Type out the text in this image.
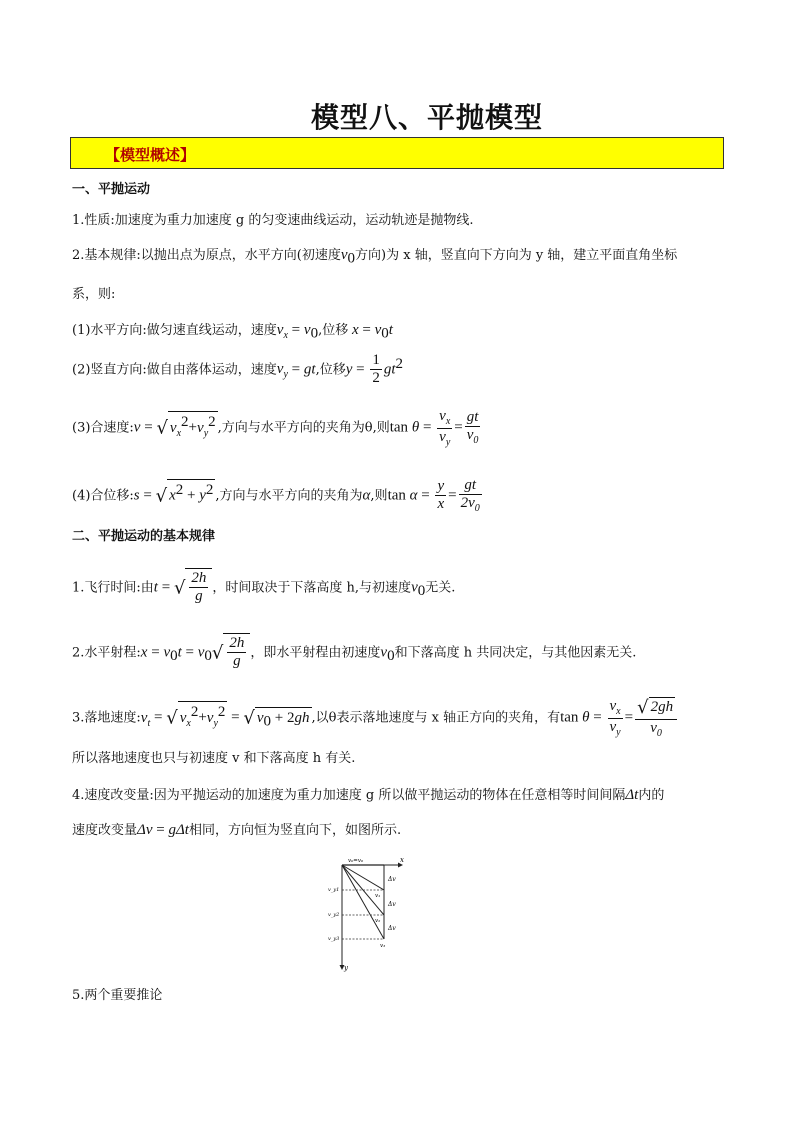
模型八、平抛模型
【模型概述】
一、平抛运动
1.性质:加速度为重力加速度 g 的匀变速曲线运动，运动轨迹是抛物线.
2.基本规律:以抛出点为原点，水平方向(初速度$v_0$方向)为 x 轴，竖直向下方向为 y 轴，建立平面直角坐标
系，则:
(1)水平方向:做匀速直线运动，速度$v_x = v_0$,位移 $x = v_0t$
(2)竖直方向:做自由落体运动，速度$v_y$ = gt,位移$y = \frac{1}{2} gt^2$
(3)合速度:v = √ $v_x^2+v_y^2$ ,方向与水平方向的夹角为θ,则$\tan \theta = \frac{v_x}{v_y} = \frac{gt}{v_0}$
(4)合位移:s = √ $x^2 + y^2$ ,方向与水平方向的夹角为α,则$\tan \alpha = \frac{y}{x} = \frac{gt}{2v_0}$
二、平抛运动的基本规律
1.飞行时间:由t = √ $\frac{2h}{g}$ ，时间取决于下落高度 h,与初速度$v_0$无关.
2.水平射程:x = $v_0t = v_0√ \frac{2h}{g}$ ，即水平射程由初速度$v_0$和下落高度 h 共同决定，与其他因素无关.
3.落地速度$:v_t$ = √ $v_x^2+v_y^2$ = √ $v_0 + 2gh$ ,以θ表示落地速度与 x 轴正方向的夹角，有$\tan \theta = \frac{v_x}{v_y} = \frac{√ 2gh}{v_0}$
所以落地速度也只与初速度 v 和下落高度 h 有关.
4.速度改变量:因为平抛运动的加速度为重力加速度 g 所以做平抛运动的物体在任意相等时间间隔Δt内的
速度改变量Δv = gΔt相同，方向恒为竖直向下，如图所示.
v₀=v₀	x
y
Δv
Δv
Δv
v₁
v₂
v₃
v_y1
v_y2
v_y3
5.两个重要推论
